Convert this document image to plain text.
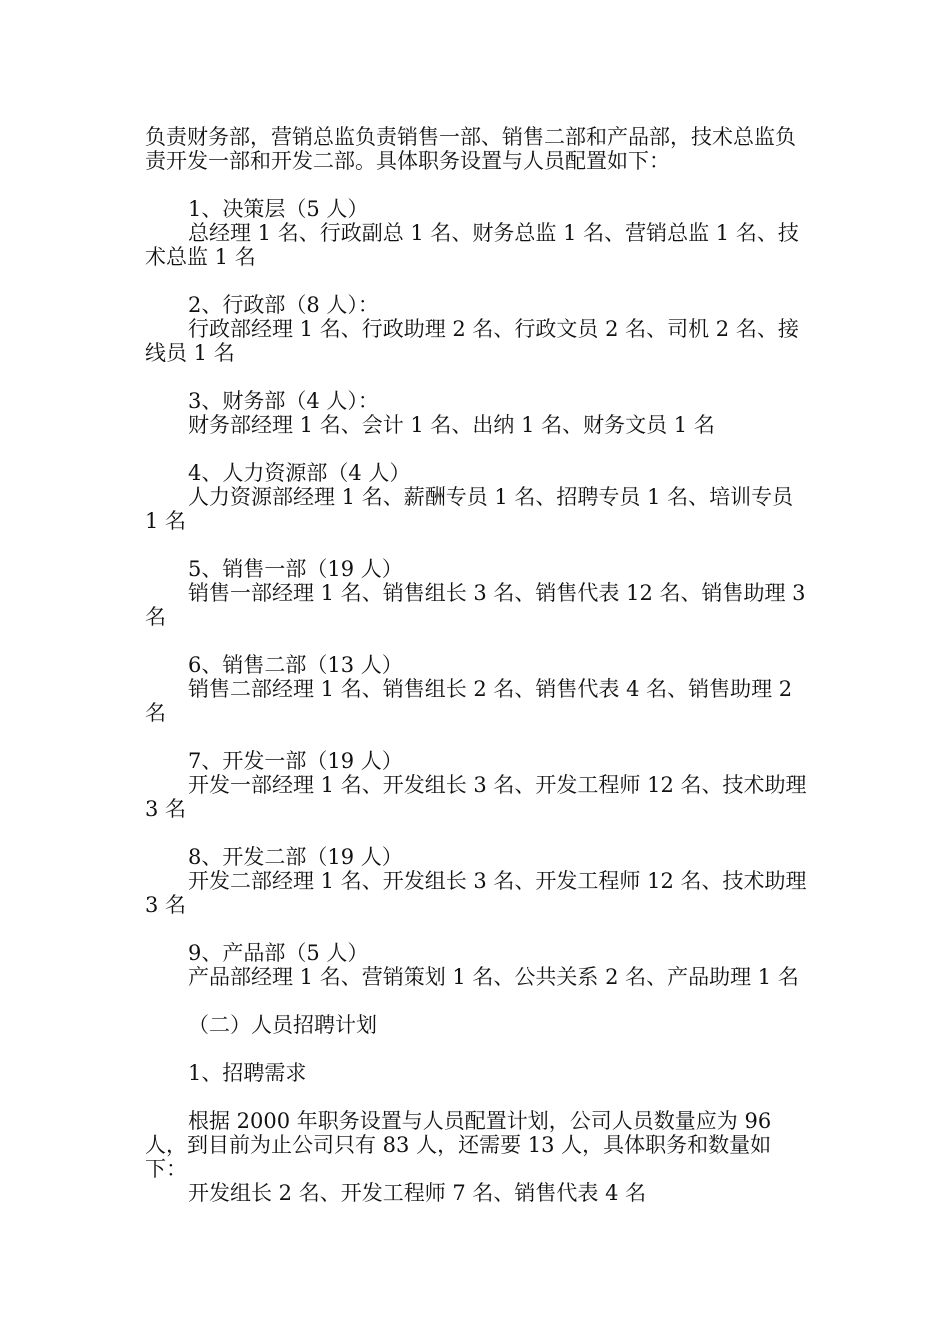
负责财务部，营销总监负责销售一部、销售二部和产品部，技术总监负责开发一部和开发二部。具体职务设置与人员配置如下：

1、决策层（5 人）

总经理 1 名、行政副总 1 名、财务总监 1 名、营销总监 1 名、技术总监 1 名

2、行政部（8 人）：

行政部经理 1 名、行政助理 2 名、行政文员 2 名、司机 2 名、接线员 1 名

3、财务部（4 人）：

财务部经理 1 名、会计 1 名、出纳 1 名、财务文员 1 名

4、人力资源部（4 人）

人力资源部经理 1 名、薪酬专员 1 名、招聘专员 1 名、培训专员 1 名

5、销售一部（19 人）

销售一部经理 1 名、销售组长 3 名、销售代表 12 名、销售助理 3 名

6、销售二部（13 人）

销售二部经理 1 名、销售组长 2 名、销售代表 4 名、销售助理 2 名

7、开发一部（19 人）

开发一部经理 1 名、开发组长 3 名、开发工程师 12 名、技术助理 3 名

8、开发二部（19 人）

开发二部经理 1 名、开发组长 3 名、开发工程师 12 名、技术助理 3 名

9、产品部（5 人）

产品部经理 1 名、营销策划 1 名、公共关系 2 名、产品助理 1 名

（二）人员招聘计划

1、招聘需求

根据 2000 年职务设置与人员配置计划，公司人员数量应为 96 人，到目前为止公司只有 83 人，还需要 13 人，具体职务和数量如下：

开发组长 2 名、开发工程师 7 名、销售代表 4 名
